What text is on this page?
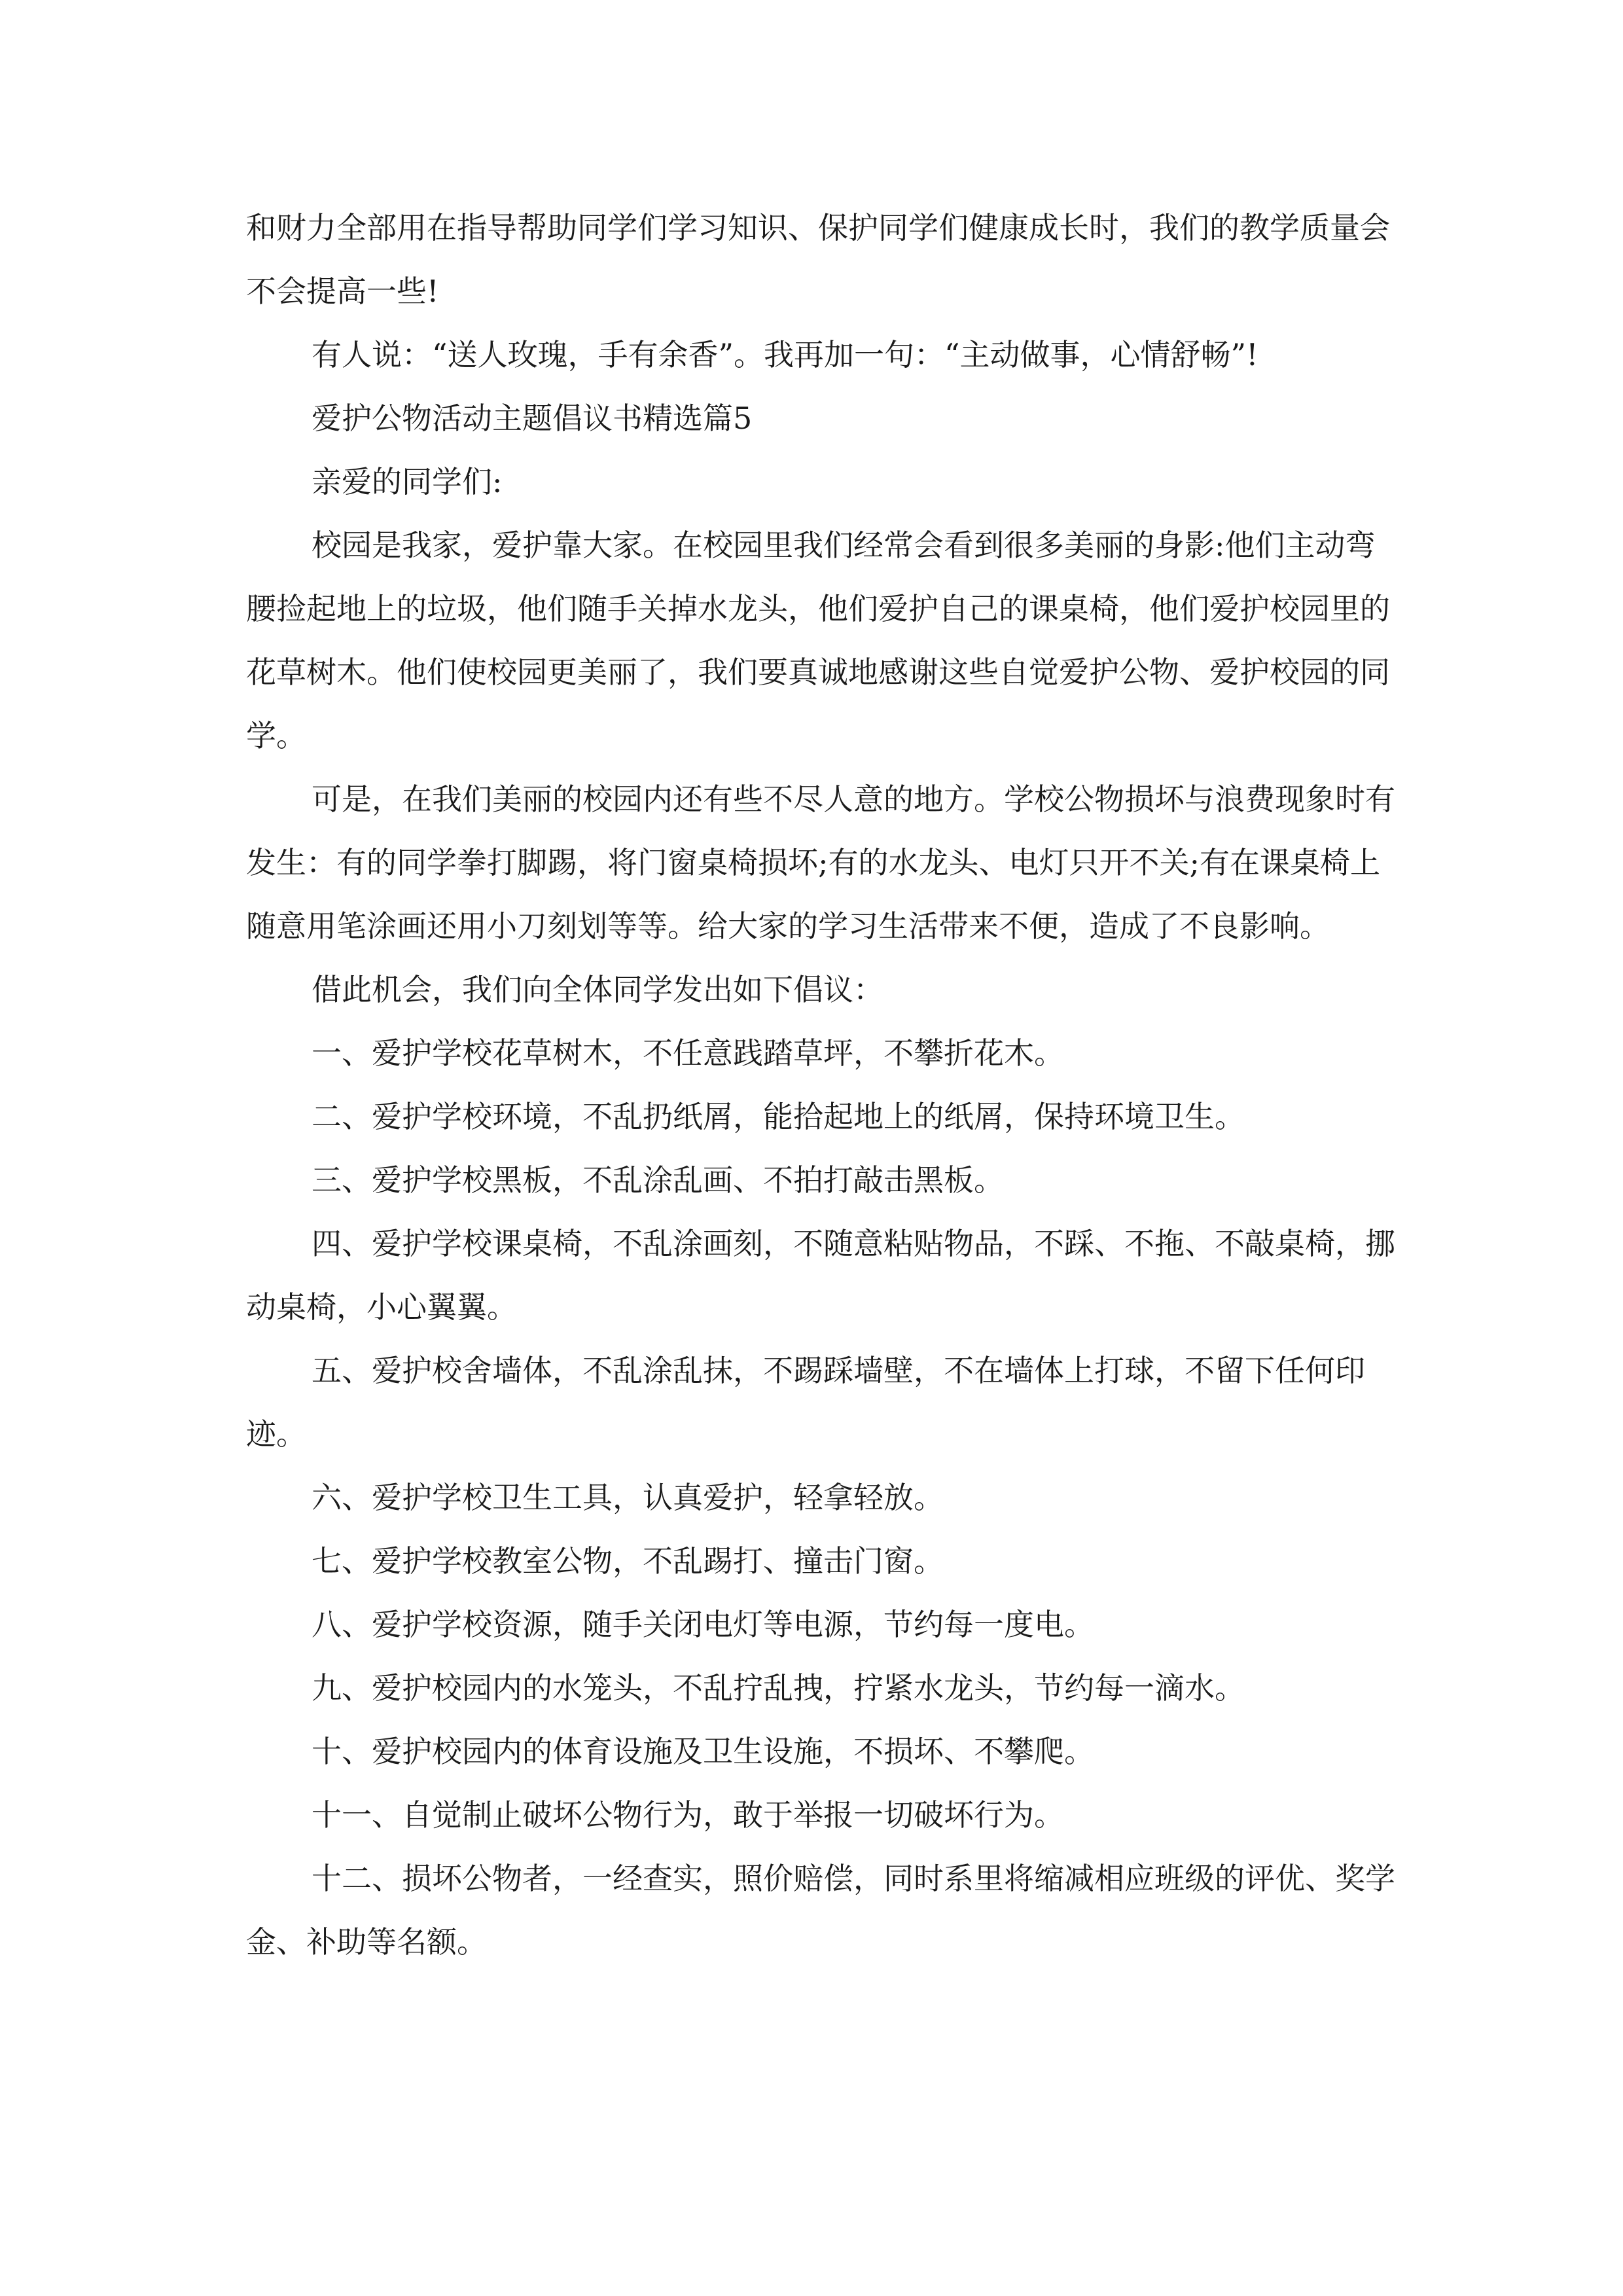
和财力全部用在指导帮助同学们学习知识、保护同学们健康成长时，我们的教学质量会不会提高一些!

有人说：“送人玫瑰，手有余香”。我再加一句：“主动做事，心情舒畅”!

爱护公物活动主题倡议书精选篇5

亲爱的同学们:

校园是我家，爱护靠大家。在校园里我们经常会看到很多美丽的身影:他们主动弯腰捡起地上的垃圾，他们随手关掉水龙头，他们爱护自己的课桌椅，他们爱护校园里的花草树木。他们使校园更美丽了，我们要真诚地感谢这些自觉爱护公物、爱护校园的同学。

可是，在我们美丽的校园内还有些不尽人意的地方。学校公物损坏与浪费现象时有发生：有的同学拳打脚踢，将门窗桌椅损坏;有的水龙头、电灯只开不关;有在课桌椅上随意用笔涂画还用小刀刻划等等。给大家的学习生活带来不便，造成了不良影响。

借此机会，我们向全体同学发出如下倡议：

一、爱护学校花草树木，不任意践踏草坪，不攀折花木。

二、爱护学校环境，不乱扔纸屑，能拾起地上的纸屑，保持环境卫生。

三、爱护学校黑板，不乱涂乱画、不拍打敲击黑板。

四、爱护学校课桌椅，不乱涂画刻，不随意粘贴物品，不踩、不拖、不敲桌椅，挪动桌椅，小心翼翼。

五、爱护校舍墙体，不乱涂乱抹，不踢踩墙壁，不在墙体上打球，不留下任何印迹。

六、爱护学校卫生工具，认真爱护，轻拿轻放。

七、爱护学校教室公物，不乱踢打、撞击门窗。

八、爱护学校资源，随手关闭电灯等电源，节约每一度电。

九、爱护校园内的水笼头，不乱拧乱拽，拧紧水龙头，节约每一滴水。

十、爱护校园内的体育设施及卫生设施，不损坏、不攀爬。

十一、自觉制止破坏公物行为，敢于举报一切破坏行为。

十二、损坏公物者，一经查实，照价赔偿，同时系里将缩减相应班级的评优、奖学金、补助等名额。
